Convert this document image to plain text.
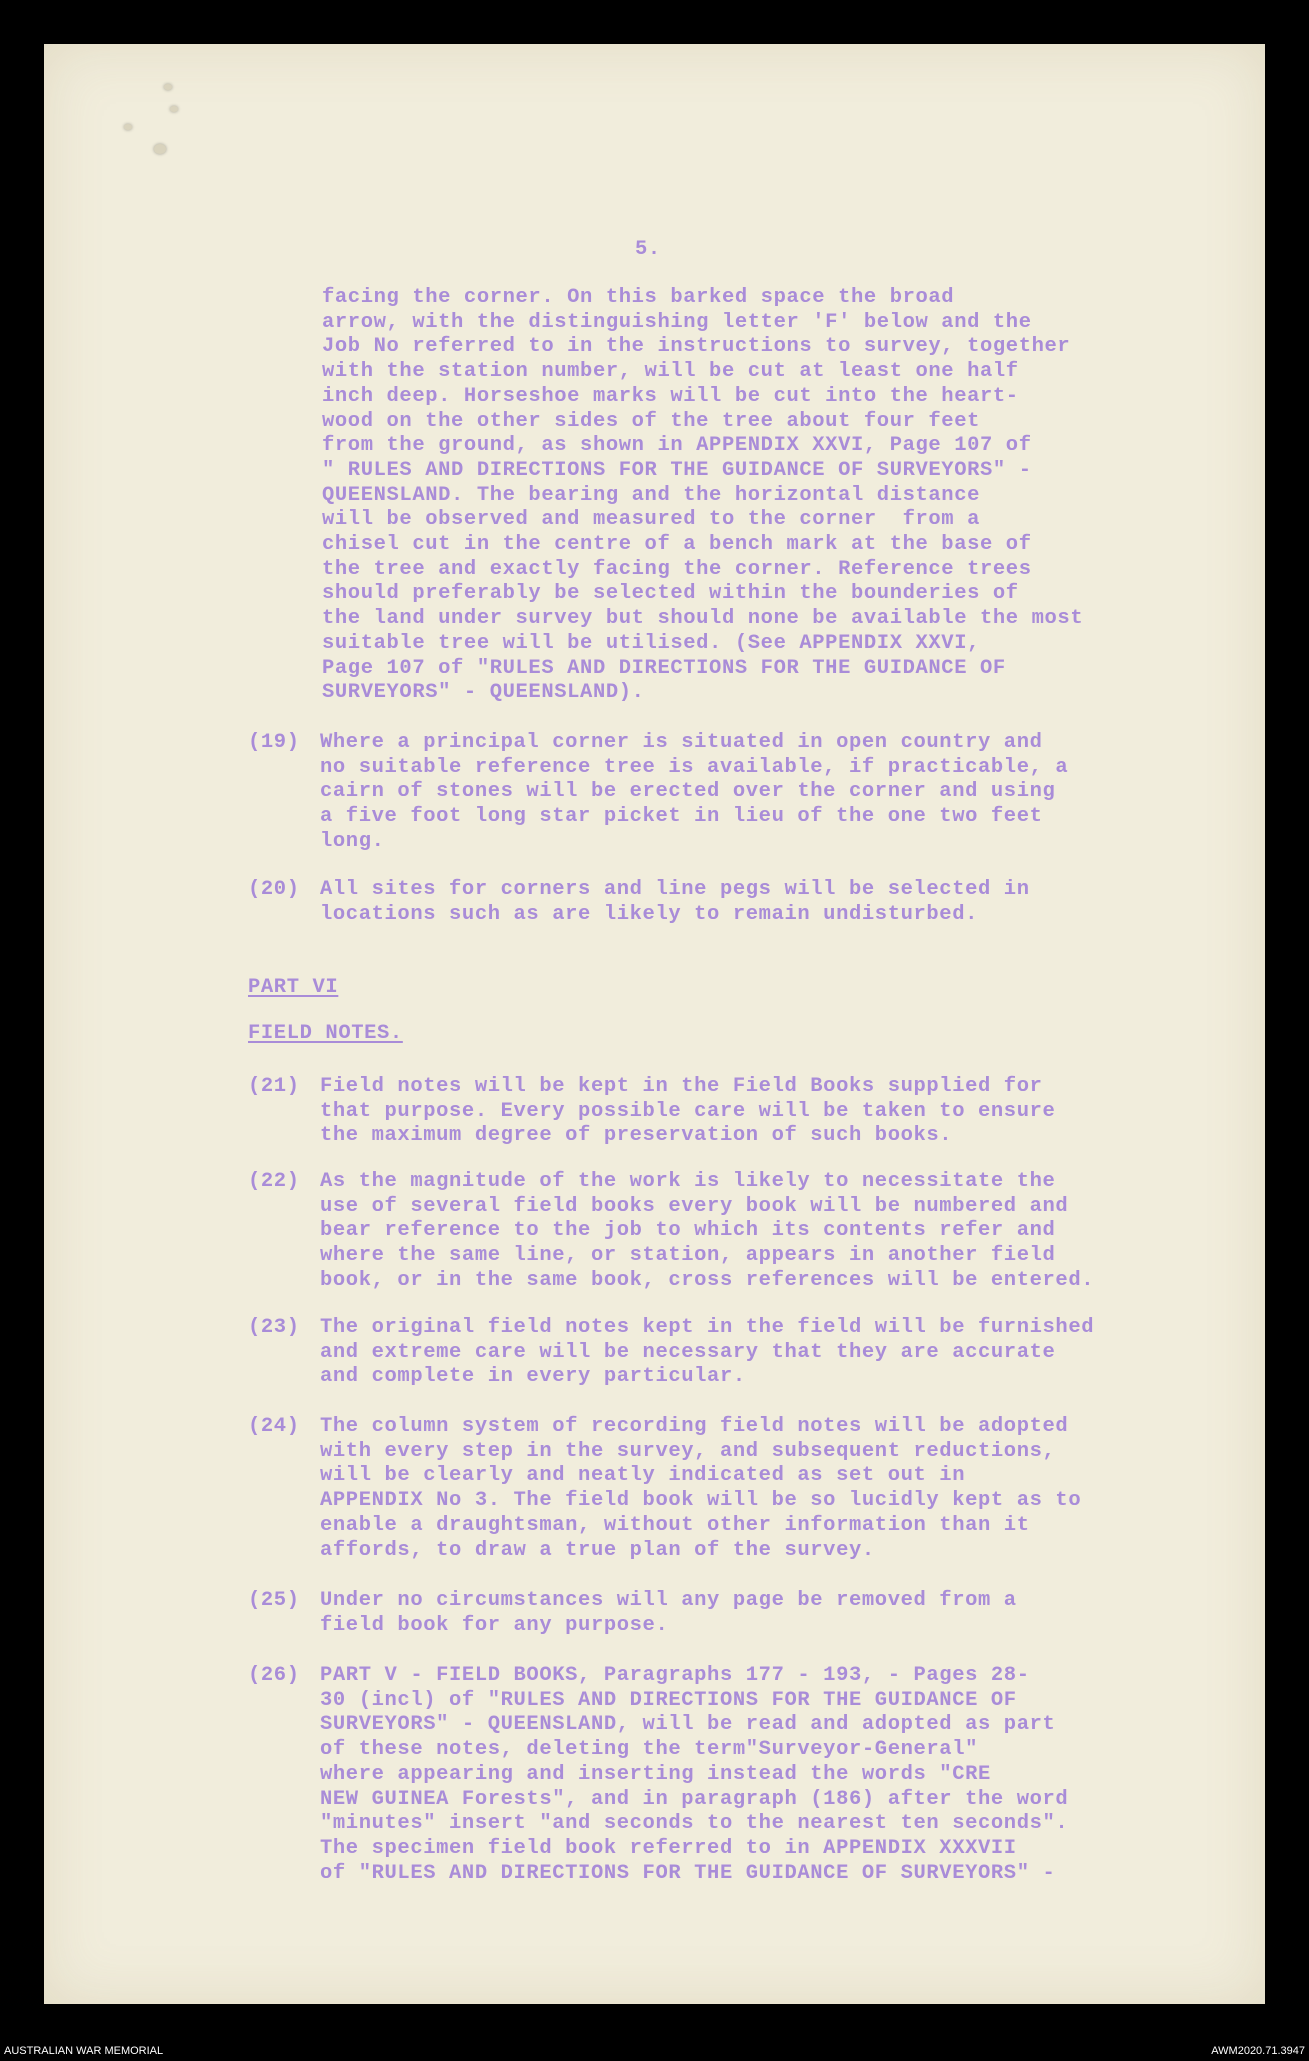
5.
facing the corner. On this barked space the broad
arrow, with the distinguishing letter 'F' below and the
Job No referred to in the instructions to survey, together
with the station number, will be cut at least one half
inch deep. Horseshoe marks will be cut into the heart-
wood on the other sides of the tree about four feet
from the ground, as shown in APPENDIX XXVI, Page 107 of
" RULES AND DIRECTIONS FOR THE GUIDANCE OF SURVEYORS" -
QUEENSLAND. The bearing and the horizontal distance
will be observed and measured to the corner  from a
chisel cut in the centre of a bench mark at the base of
the tree and exactly facing the corner. Reference trees
should preferably be selected within the bounderies of
the land under survey but should none be available the most
suitable tree will be utilised. (See APPENDIX XXVI,
Page 107 of "RULES AND DIRECTIONS FOR THE GUIDANCE OF
SURVEYORS" - QUEENSLAND).
(19) Where a principal corner is situated in open country and
no suitable reference tree is available, if practicable, a
cairn of stones will be erected over the corner and using
a five foot long star picket in lieu of the one two feet
long.
(20) All sites for corners and line pegs will be selected in
locations such as are likely to remain undisturbed.
PART VI
FIELD NOTES.
(21) Field notes will be kept in the Field Books supplied for
that purpose. Every possible care will be taken to ensure
the maximum degree of preservation of such books.
(22) As the magnitude of the work is likely to necessitate the
use of several field books every book will be numbered and
bear reference to the job to which its contents refer and
where the same line, or station, appears in another field
book, or in the same book, cross references will be entered.
(23) The original field notes kept in the field will be furnished
and extreme care will be necessary that they are accurate
and complete in every particular.
(24) The column system of recording field notes will be adopted
with every step in the survey, and subsequent reductions,
will be clearly and neatly indicated as set out in
APPENDIX No 3. The field book will be so lucidly kept as to
enable a draughtsman, without other information than it
affords, to draw a true plan of the survey.
(25) Under no circumstances will any page be removed from a
field book for any purpose.
(26) PART V - FIELD BOOKS, Paragraphs 177 - 193, - Pages 28-
30 (incl) of "RULES AND DIRECTIONS FOR THE GUIDANCE OF
SURVEYORS" - QUEENSLAND, will be read and adopted as part
of these notes, deleting the term"Surveyor-General"
where appearing and inserting instead the words "CRE
NEW GUINEA Forests", and in paragraph (186) after the word
"minutes" insert "and seconds to the nearest ten seconds".
The specimen field book referred to in APPENDIX XXXVII
of "RULES AND DIRECTIONS FOR THE GUIDANCE OF SURVEYORS" -
AUSTRALIAN WAR MEMORIAL	AWM2020.71.3947
